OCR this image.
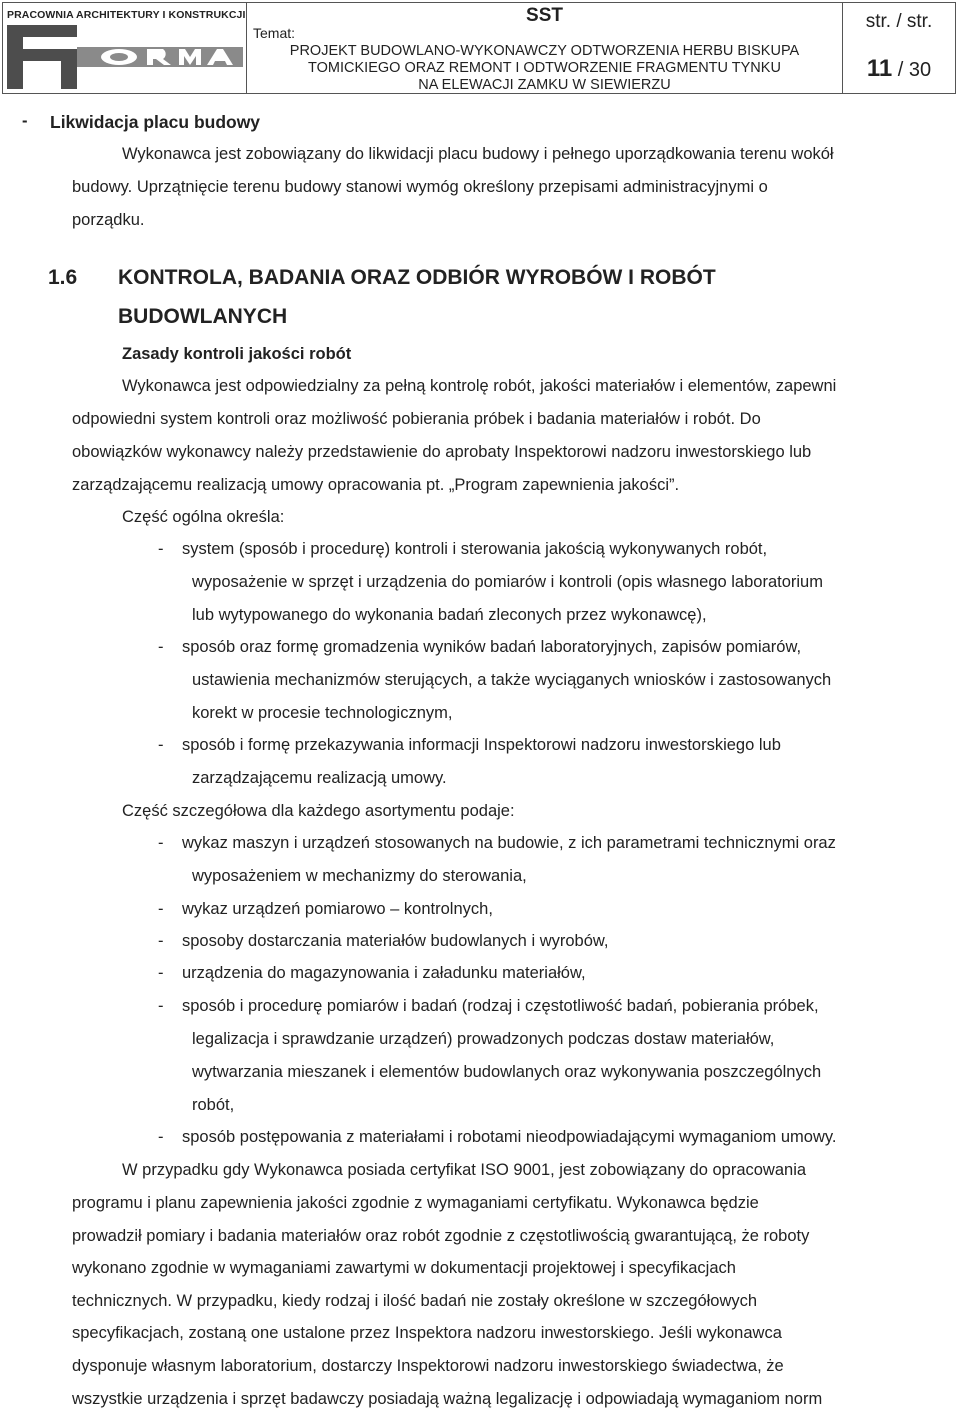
PRACOWNIA ARCHITEKTURY I KONSTRUKCJI	SST
Temat:
PROJEKT BUDOWLANO-WYKONAWCZY ODTWORZENIA HERBU BISKUPA
TOMICKIEGO ORAZ REMONT I ODTWORZENIE FRAGMENTU TYNKU
NA ELEWACJI ZAMKU W SIEWIERZU
str. / str.
11 / 30
- Likwidacja placu budowy
Wykonawca jest zobowiązany do likwidacji placu budowy i pełnego uporządkowania terenu wokół
budowy. Uprzątnięcie terenu budowy stanowi wymóg określony przepisami administracyjnymi o
porządku.
1.6 KONTROLA, BADANIA ORAZ ODBIÓR WYROBÓW I ROBÓT
BUDOWLANYCH
Zasady kontroli jakości robót
Wykonawca jest odpowiedzialny za pełną kontrolę robót, jakości materiałów i elementów, zapewni
odpowiedni system kontroli oraz możliwość pobierania próbek i badania materiałów i robót. Do
obowiązków wykonawcy należy przedstawienie do aprobaty Inspektorowi nadzoru inwestorskiego lub
zarządzającemu realizacją umowy opracowania pt. „Program zapewnienia jakości”.
Część ogólna określa:
- system (sposób i procedurę) kontroli i sterowania jakością wykonywanych robót,
wyposażenie w sprzęt i urządzenia do pomiarów i kontroli (opis własnego laboratorium
lub wytypowanego do wykonania badań zleconych przez wykonawcę),
- sposób oraz formę gromadzenia wyników badań laboratoryjnych, zapisów pomiarów,
ustawienia mechanizmów sterujących, a także wyciąganych wniosków i zastosowanych
korekt w procesie technologicznym,
- sposób i formę przekazywania informacji Inspektorowi nadzoru inwestorskiego lub
zarządzającemu realizacją umowy.
Część szczegółowa dla każdego asortymentu podaje:
- wykaz maszyn i urządzeń stosowanych na budowie, z ich parametrami technicznymi oraz
wyposażeniem w mechanizmy do sterowania,
- wykaz urządzeń pomiarowo – kontrolnych,
- sposoby dostarczania materiałów budowlanych i wyrobów,
- urządzenia do magazynowania i załadunku materiałów,
- sposób i procedurę pomiarów i badań (rodzaj i częstotliwość badań, pobierania próbek,
legalizacja i sprawdzanie urządzeń) prowadzonych podczas dostaw materiałów,
wytwarzania mieszanek i elementów budowlanych oraz wykonywania poszczególnych
robót,
- sposób postępowania z materiałami i robotami nieodpowiadającymi wymaganiom umowy.
W przypadku gdy Wykonawca posiada certyfikat ISO 9001, jest zobowiązany do opracowania
programu i planu zapewnienia jakości zgodnie z wymaganiami certyfikatu. Wykonawca będzie
prowadził pomiary i badania materiałów oraz robót zgodnie z częstotliwością gwarantującą, że roboty
wykonano zgodnie w wymaganiami zawartymi w dokumentacji projektowej i specyfikacjach
technicznych. W przypadku, kiedy rodzaj i ilość badań nie zostały określone w szczegółowych
specyfikacjach, zostaną one ustalone przez Inspektora nadzoru inwestorskiego. Jeśli wykonawca
dysponuje własnym laboratorium, dostarczy Inspektorowi nadzoru inwestorskiego świadectwa, że
wszystkie urządzenia i sprzęt badawczy posiadają ważną legalizację i odpowiadają wymaganiom norm
